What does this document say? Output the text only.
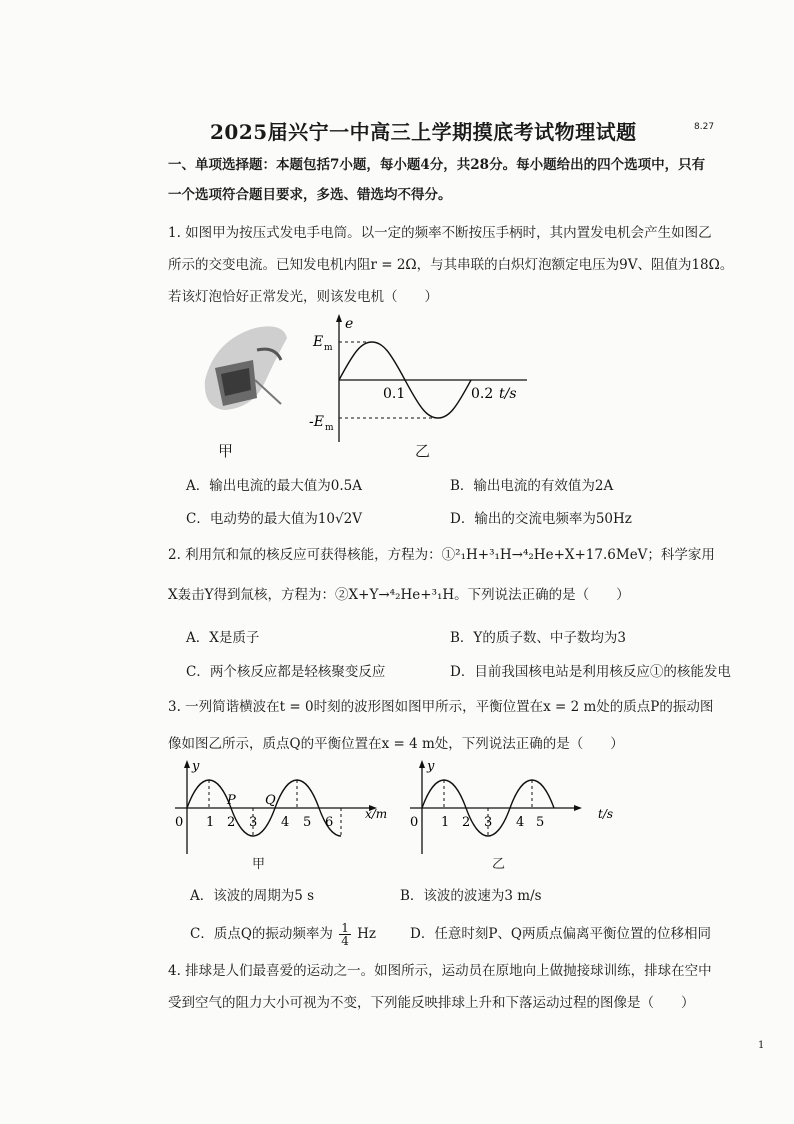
2025届兴宁一中高三上学期摸底考试物理试题	8.27
一、单项选择题：本题包括7小题，每小题4分，共28分。每小题给出的四个选项中，只有
一个选项符合题目要求，多选、错选均不得分。
1. 如图甲为按压式发电手电筒。以一定的频率不断按压手柄时，其内置发电机会产生如图乙
所示的交变电流。已知发电机内阻r = 2Ω，与其串联的白炽灯泡额定电压为9V、阻值为18Ω。
若该灯泡恰好正常发光，则该发电机（　　）
甲
E m
e
-E m
0.1	0.2 t/s
乙
A．输出电流的最大值为0.5A	B．输出电流的有效值为2A
C．电动势的最大值为10√2V	D．输出的交流电频率为50Hz
2. 利用氘和氚的核反应可获得核能，方程为：①²₁H+³₁H→⁴₂He+X+17.6MeV；科学家用
X轰击Y得到氚核，方程为：②X+Y→⁴₂He+³₁H。下列说法正确的是（　　）
A．X是质子	B．Y的质子数、中子数均为3
C．两个核反应都是轻核聚变反应	D．目前我国核电站是利用核反应①的核能发电
3. 一列简谐横波在t = 0时刻的波形图如图甲所示，平衡位置在x = 2 m处的质点P的振动图
像如图乙所示，质点Q的平衡位置在x = 4 m处，下列说法正确的是（　　）
y
0 1 2 3 4 5 6
P Q
x/m
甲
y
0 1 2 3 4 5
t/s
乙
A．该波的周期为5 s	B．该波的波速为3 m/s
C．质点Q的振动频率为 $\frac{1}{4}$ Hz	D．任意时刻P、Q两质点偏离平衡位置的位移相同
4. 排球是人们最喜爱的运动之一。如图所示，运动员在原地向上做抛接球训练，排球在空中
受到空气的阻力大小可视为不变，下列能反映排球上升和下落运动过程的图像是（　　）
1
